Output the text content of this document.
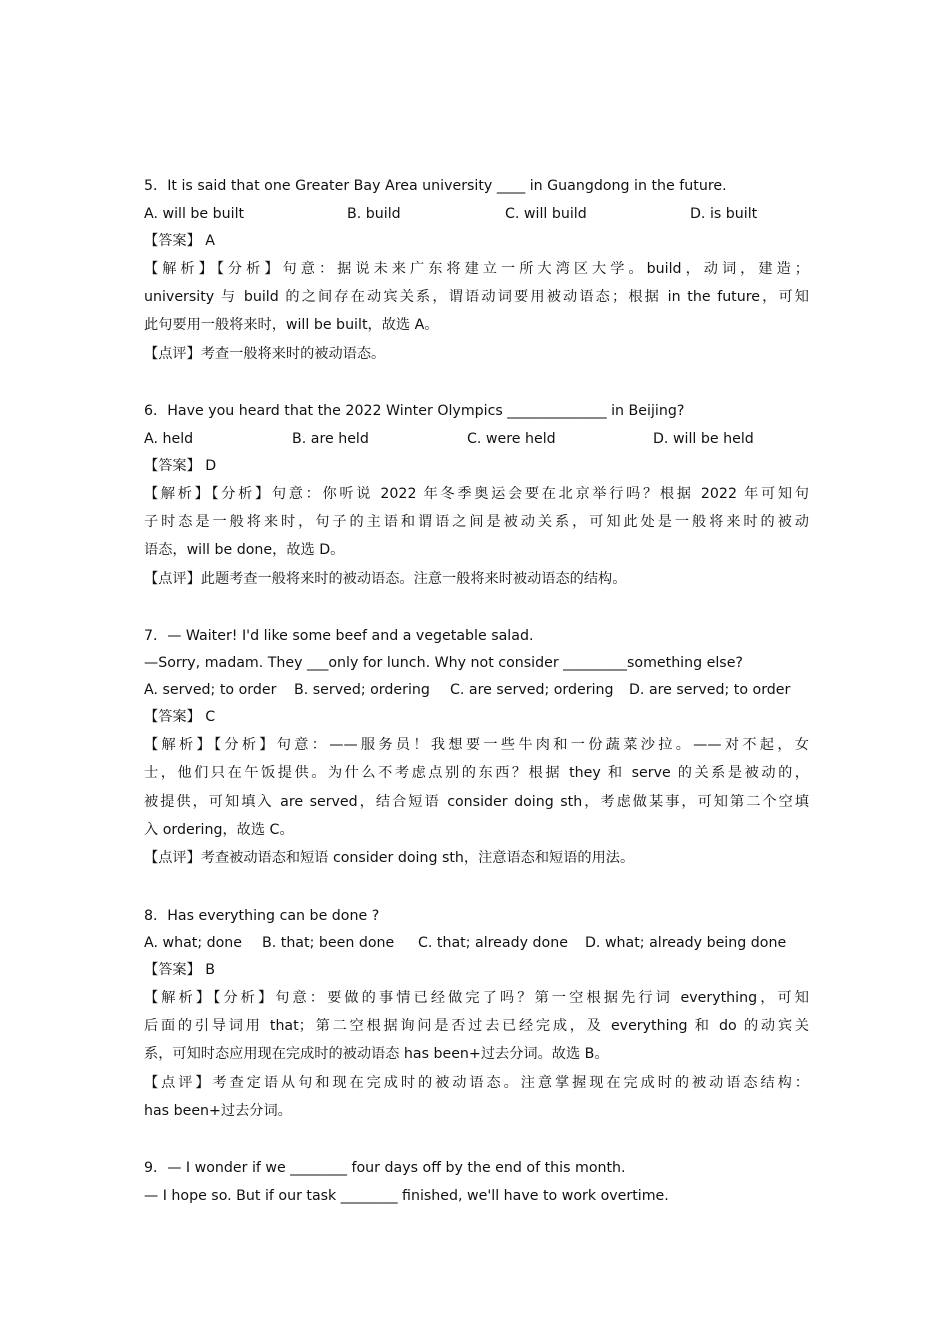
5．It is said that one Greater Bay Area university ____ in Guangdong in the future.
A. will be built	B. build	C. will build	D. is built
【答案】 A
【解析】【分析】句意：据说未来广东将建立一所大湾区大学。build，动词，建造；
university 与 build 的之间存在动宾关系，谓语动词要用被动语态；根据 in the future，可知
此句要用一般将来时，will be built，故选 A。
【点评】考查一般将来时的被动语态。
6．Have you heard that the 2022 Winter Olympics ______________ in Beijing?
A. held	B. are held	C. were held	D. will be held
【答案】 D
【解析】【分析】句意：你听说 2022 年冬季奥运会要在北京举行吗？根据 2022 年可知句
子时态是一般将来时，句子的主语和谓语之间是被动关系，可知此处是一般将来时的被动
语态，will be done，故选 D。
【点评】此题考查一般将来时的被动语态。注意一般将来时被动语态的结构。
7．— Waiter! I'd like some beef and a vegetable salad.
—Sorry, madam. They ___only for lunch. Why not consider _________something else?
A. served; to order B. served; ordering C. are served; ordering D. are served; to order
【答案】 C
【解析】【分析】句意：——服务员！我想要一些牛肉和一份蔬菜沙拉。——对不起，女
士，他们只在午饭提供。为什么不考虑点别的东西？根据 they 和 serve 的关系是被动的，
被提供，可知填入 are served，结合短语 consider doing sth，考虑做某事，可知第二个空填
入 ordering，故选 C。
【点评】考查被动语态和短语 consider doing sth，注意语态和短语的用法。
8．Has everything can be done ?
A. what; done B. that; been done C. that; already done D. what; already being done
【答案】 B
【解析】【分析】句意：要做的事情已经做完了吗？第一空根据先行词 everything，可知
后面的引导词用 that；第二空根据询问是否过去已经完成，及 everything 和 do 的动宾关
系，可知时态应用现在完成时的被动语态 has been+过去分词。故选 B。
【点评】考查定语从句和现在完成时的被动语态。注意掌握现在完成时的被动语态结构：
has been+过去分词。
9．— I wonder if we ________ four days off by the end of this month.
— I hope so. But if our task ________ finished, we'll have to work overtime.
